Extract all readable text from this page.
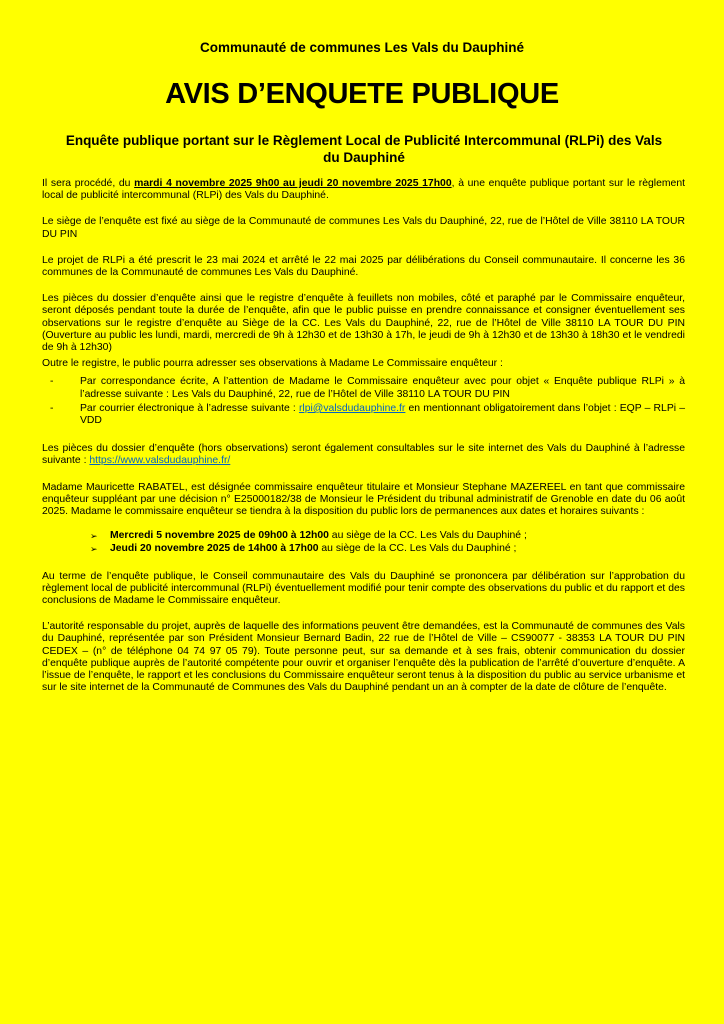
Communauté de communes Les Vals du Dauphiné
AVIS D’ENQUETE PUBLIQUE
Enquête publique portant sur le Règlement Local de Publicité Intercommunal (RLPi) des Vals
du Dauphiné

Il sera procédé, du mardi 4 novembre 2025 9h00 au jeudi 20 novembre 2025 17h00, à une enquête publique portant sur le règlement local de publicité intercommunal (RLPi) des Vals du Dauphiné.

Le siège de l’enquête est fixé au siège de la Communauté de communes Les Vals du Dauphiné, 22, rue de l’Hôtel de Ville 38110 LA TOUR DU PIN

Le projet de RLPi a été prescrit le 23 mai 2024 et arrêté le 22 mai 2025 par délibérations du Conseil communautaire. Il concerne les 36 communes de la Communauté de communes Les Vals du Dauphiné.

Les pièces du dossier d’enquête ainsi que le registre d’enquête à feuillets non mobiles, côté et paraphé par le Commissaire enquêteur, seront déposés pendant toute la durée de l’enquête, afin que le public puisse en prendre connaissance et consigner éventuellement ses observations sur le registre d’enquête au Siège de la CC. Les Vals du Dauphiné, 22, rue de l’Hôtel de Ville 38110 LA TOUR DU PIN (Ouverture au public les lundi, mardi, mercredi de 9h à 12h30 et de 13h30 à 17h, le jeudi de 9h à 12h30 et de 13h30 à 18h30 et le vendredi de 9h à 12h30)

Outre le registre, le public pourra adresser ses observations à Madame Le Commissaire enquêteur :

- Par correspondance écrite, A l’attention de Madame le Commissaire enquêteur avec pour objet « Enquête publique RLPi » à l’adresse suivante : Les Vals du Dauphiné, 22, rue de l’Hôtel de Ville 38110 LA TOUR DU PIN
- Par courrier électronique à l’adresse suivante : rlpi@valsdudauphine.fr en mentionnant obligatoirement dans l’objet : EQP – RLPi – VDD

Les pièces du dossier d’enquête (hors observations) seront également consultables sur le site internet des Vals du Dauphiné à l’adresse suivante : https://www.valsdudauphine.fr/

Madame Mauricette RABATEL, est désignée commissaire enquêteur titulaire et Monsieur Stephane MAZEREEL en tant que commissaire enquêteur suppléant par une décision n° E25000182/38 de Monsieur le Président du tribunal administratif de Grenoble en date du 06 août 2025. Madame le commissaire enquêteur se tiendra à la disposition du public lors de permanences aux dates et horaires suivants :

➢ Mercredi 5 novembre 2025 de 09h00 à 12h00 au siège de la CC. Les Vals du Dauphiné ;
➢ Jeudi 20 novembre 2025 de 14h00 à 17h00 au siège de la CC. Les Vals du Dauphiné ;

Au terme de l’enquête publique, le Conseil communautaire des Vals du Dauphiné se prononcera par délibération sur l’approbation du règlement local de publicité intercommunal (RLPi) éventuellement modifié pour tenir compte des observations du public et du rapport et des conclusions de Madame le Commissaire enquêteur.

L’autorité responsable du projet, auprès de laquelle des informations peuvent être demandées, est la Communauté de communes des Vals du Dauphiné, représentée par son Président Monsieur Bernard Badin, 22 rue de l’Hôtel de Ville – CS90077 - 38353 LA TOUR DU PIN CEDEX – (n° de téléphone 04 74 97 05 79). Toute personne peut, sur sa demande et à ses frais, obtenir communication du dossier d’enquête publique auprès de l’autorité compétente pour ouvrir et organiser l’enquête dès la publication de l’arrêté d’ouverture d’enquête. A l’issue de l’enquête, le rapport et les conclusions du Commissaire enquêteur seront tenus à la disposition du public au service urbanisme et sur le site internet de la Communauté de Communes des Vals du Dauphiné pendant un an à compter de la date de clôture de l’enquête.
